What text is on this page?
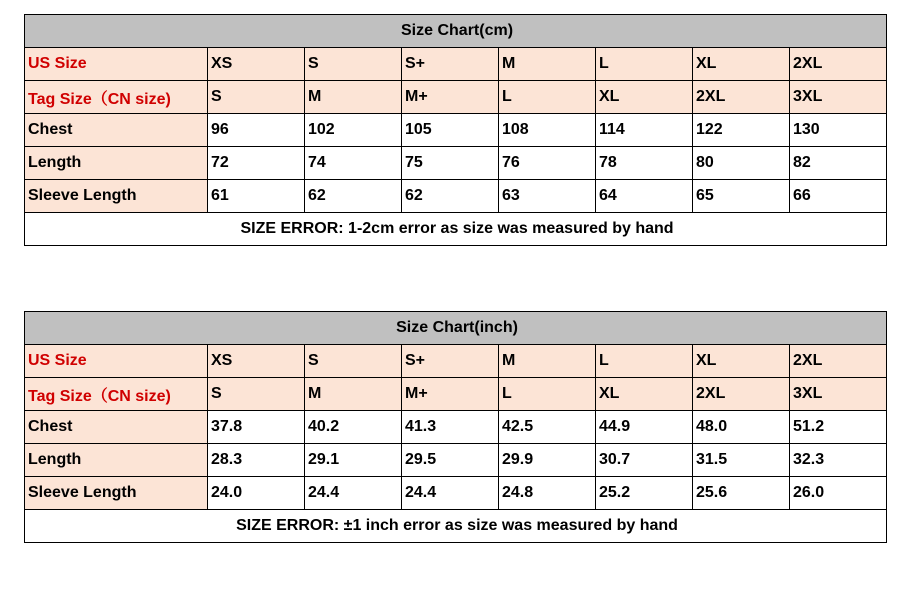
Size Chart(cm)							
US Size	XS	S	S+	M	L	XL	2XL
Tag Size（CN size)	S	M	M+	L	XL	2XL	3XL
Chest	96	102	105	108	114	122	130
Length	72	74	75	76	78	80	82
Sleeve Length	61	62	62	63	64	65	66
SIZE ERROR: 1-2cm error as size was measured by hand							
Size Chart(inch)							
US Size	XS	S	S+	M	L	XL	2XL
Tag Size（CN size)	S	M	M+	L	XL	2XL	3XL
Chest	37.8	40.2	41.3	42.5	44.9	48.0	51.2
Length	28.3	29.1	29.5	29.9	30.7	31.5	32.3
Sleeve Length	24.0	24.4	24.4	24.8	25.2	25.6	26.0
SIZE ERROR: ±1 inch error as size was measured by hand							
